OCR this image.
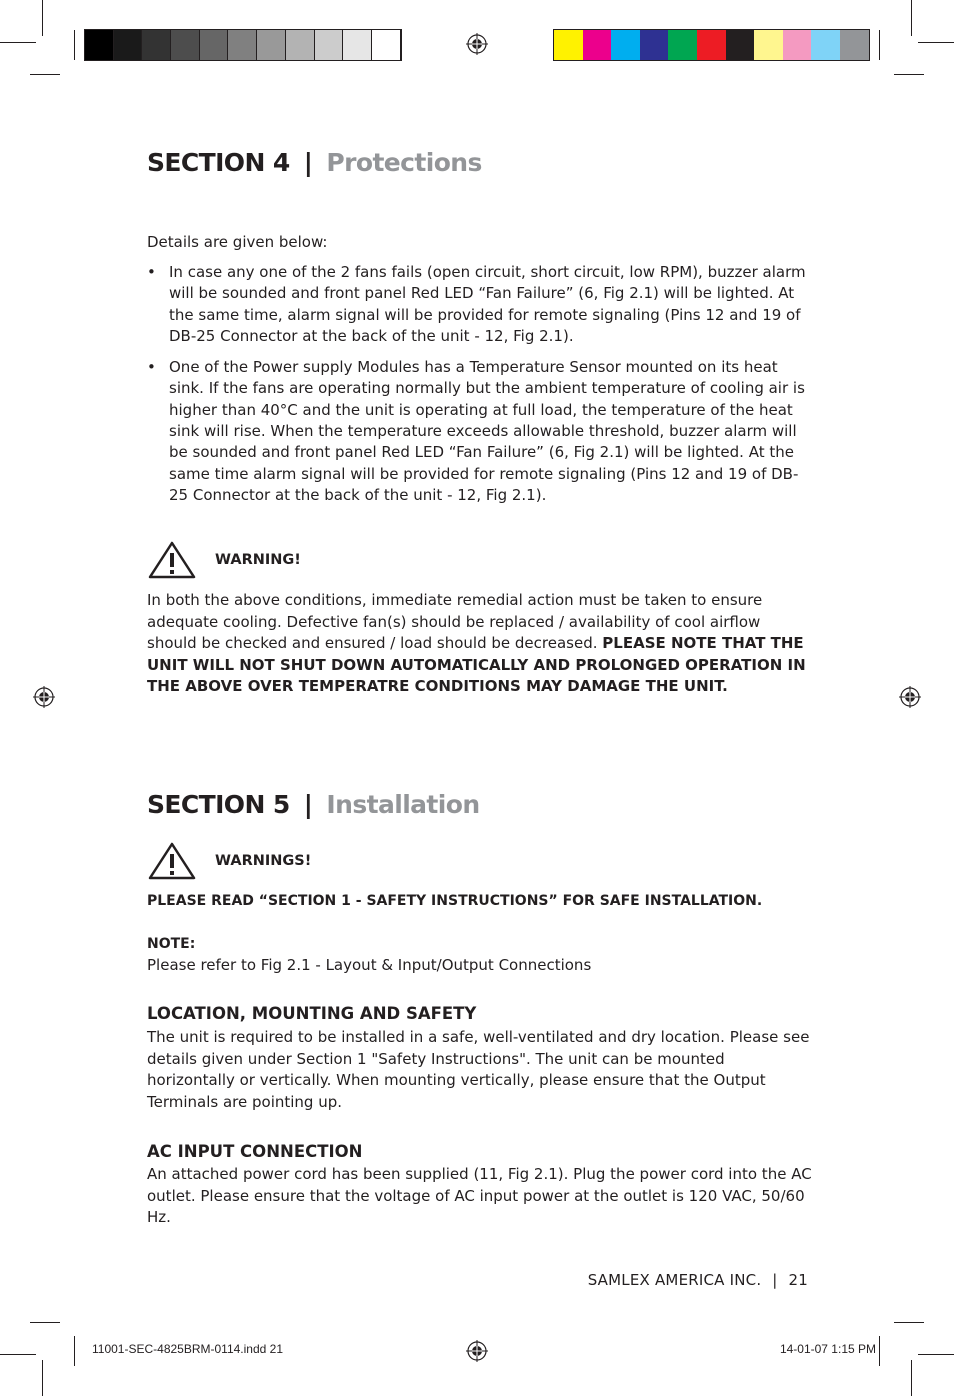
SECTION 4 | Protections

Details are given below:

• In case any one of the 2 fans fails (open circuit, short circuit, low RPM), buzzer alarm will be sounded and front panel Red LED “Fan Failure” (6, Fig 2.1) will be lighted. At the same time, alarm signal will be provided for remote signaling (Pins 12 and 19 of DB-25 Connector at the back of the unit - 12, Fig 2.1).
• One of the Power supply Modules has a Temperature Sensor mounted on its heat sink. If the fans are operating normally but the ambient temperature of cooling air is higher than 40°C and the unit is operating at full load, the temperature of the heat sink will rise. When the temperature exceeds allowable threshold, buzzer alarm will be sounded and front panel Red LED “Fan Failure” (6, Fig 2.1) will be lighted. At the same time alarm signal will be provided for remote signaling (Pins 12 and 19 of DB-25 Connector at the back of the unit - 12, Fig 2.1).
WARNING!

In both the above conditions, immediate remedial action must be taken to ensure adequate cooling. Defective fan(s) should be replaced / availability of cool airflow should be checked and ensured / load should be decreased. PLEASE NOTE THAT THE UNIT WILL NOT SHUT DOWN AUTOMATICALLY AND PROLONGED OPERATION IN THE ABOVE OVER TEMPERATRE CONDITIONS MAY DAMAGE THE UNIT.

SECTION 5 | Installation
WARNINGS!

PLEASE READ “SECTION 1 - SAFETY INSTRUCTIONS” FOR SAFE INSTALLATION.

NOTE:

Please refer to Fig 2.1 - Layout & Input/Output Connections

LOCATION, MOUNTING AND SAFETY

The unit is required to be installed in a safe, well-ventilated and dry location. Please see details given under Section 1 "Safety Instructions". The unit can be mounted horizontally or vertically. When mounting vertically, please ensure that the Output Terminals are pointing up.

AC INPUT CONNECTION

An attached power cord has been supplied (11, Fig 2.1). Plug the power cord into the AC outlet. Please ensure that the voltage of AC input power at the outlet is 120 VAC, 50/60 Hz.

SAMLEX AMERICA INC. | 21
11001-SEC-4825BRM-0114.indd 21	14-01-07 1:15 PM
